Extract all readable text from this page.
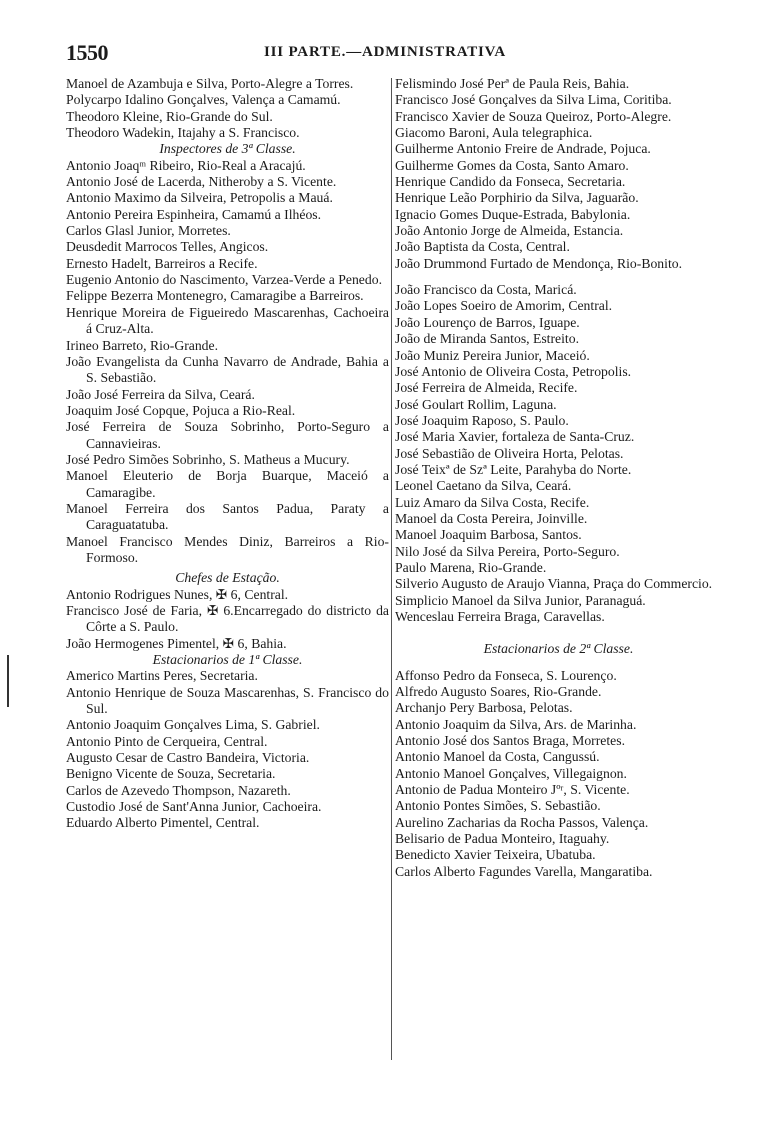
1550	III PARTE.—ADMINISTRATIVA

Manoel de Azambuja e Silva, Porto-Alegre a Torres.

Polycarpo Idalino Gonçalves, Valença a Camamú.

Theodoro Kleine, Rio-Grande do Sul.

Theodoro Wadekin, Itajahy a S. Francisco.

Inspectores de 3ª Classe.

Antonio Joaqᵐ Ribeiro, Rio-Real a Aracajú.

Antonio José de Lacerda, Nitheroby a S. Vicente.

Antonio Maximo da Silveira, Petropolis a Mauá.

Antonio Pereira Espinheira, Camamú a Ilhéos.

Carlos Glasl Junior, Morretes.

Deusdedit Marrocos Telles, Angicos.

Ernesto Hadelt, Barreiros a Recife.

Eugenio Antonio do Nascimento, Varzea-Verde a Penedo.

Felippe Bezerra Montenegro, Camaragibe a Barreiros.

Henrique Moreira de Figueiredo Mascarenhas, Cachoeira á Cruz-Alta.

Irineo Barreto, Rio-Grande.

João Evangelista da Cunha Navarro de Andrade, Bahia a S. Sebastião.

João José Ferreira da Silva, Ceará.

Joaquim José Copque, Pojuca a Rio-Real.

José Ferreira de Souza Sobrinho, Porto-Seguro a Cannavieiras.

José Pedro Simões Sobrinho, S. Matheus a Mucury.

Manoel Eleuterio de Borja Buarque, Maceió a Camaragibe.

Manoel Ferreira dos Santos Padua, Paraty a Caraguatatuba.

Manoel Francisco Mendes Diniz, Barreiros a Rio-Formoso.

Chefes de Estação.

Antonio Rodrigues Nunes, ✠ 6, Central.

Francisco José de Faria, ✠ 6.Encarregado do districto da Côrte a S. Paulo.

João Hermogenes Pimentel, ✠ 6, Bahia.

Estacionarios de 1ª Classe.

Americo Martins Peres, Secretaria.

Antonio Henrique de Souza Mascarenhas, S. Francisco do Sul.

Antonio Joaquim Gonçalves Lima, S. Gabriel.

Antonio Pinto de Cerqueira, Central.

Augusto Cesar de Castro Bandeira, Victoria.

Benigno Vicente de Souza, Secretaria.

Carlos de Azevedo Thompson, Nazareth.

Custodio José de Sant'Anna Junior, Cachoeira.

Eduardo Alberto Pimentel, Central.

Felismindo José Perª de Paula Reis, Bahia.

Francisco José Gonçalves da Silva Lima, Coritiba.

Francisco Xavier de Souza Queiroz, Porto-Alegre.

Giacomo Baroni, Aula telegraphica.

Guilherme Antonio Freire de Andrade, Pojuca.

Guilherme Gomes da Costa, Santo Amaro.

Henrique Candido da Fonseca, Secretaria.

Henrique Leão Porphirio da Silva, Jaguarão.

Ignacio Gomes Duque-Estrada, Babylonia.

João Antonio Jorge de Almeida, Estancia.

João Baptista da Costa, Central.

João Drummond Furtado de Mendonça, Rio-Bonito.

João Francisco da Costa, Maricá.

João Lopes Soeiro de Amorim, Central.

João Lourenço de Barros, Iguape.

João de Miranda Santos, Estreito.

João Muniz Pereira Junior, Maceió.

José Antonio de Oliveira Costa, Petropolis.

José Ferreira de Almeida, Recife.

José Goulart Rollim, Laguna.

José Joaquim Raposo, S. Paulo.

José Maria Xavier, fortaleza de Santa-Cruz.

José Sebastião de Oliveira Horta, Pelotas.

José Teixª de Szª Leite, Parahyba do Norte.

Leonel Caetano da Silva, Ceará.

Luiz Amaro da Silva Costa, Recife.

Manoel da Costa Pereira, Joinville.

Manoel Joaquim Barbosa, Santos.

Nilo José da Silva Pereira, Porto-Seguro.

Paulo Marena, Rio-Grande.

Silverio Augusto de Araujo Vianna, Praça do Commercio.

Simplicio Manoel da Silva Junior, Paranaguá.

Wenceslau Ferreira Braga, Caravellas.

Estacionarios de 2ª Classe.

Affonso Pedro da Fonseca, S. Lourenço.

Alfredo Augusto Soares, Rio-Grande.

Archanjo Pery Barbosa, Pelotas.

Antonio Joaquim da Silva, Ars. de Marinha.

Antonio José dos Santos Braga, Morretes.

Antonio Manoel da Costa, Cangussú.

Antonio Manoel Gonçalves, Villegaignon.

Antonio de Padua Monteiro Jºʳ, S. Vicente.

Antonio Pontes Simões, S. Sebastião.

Aurelino Zacharias da Rocha Passos, Valença.

Belisario de Padua Monteiro, Itaguahy.

Benedicto Xavier Teixeira, Ubatuba.

Carlos Alberto Fagundes Varella, Mangaratiba.
